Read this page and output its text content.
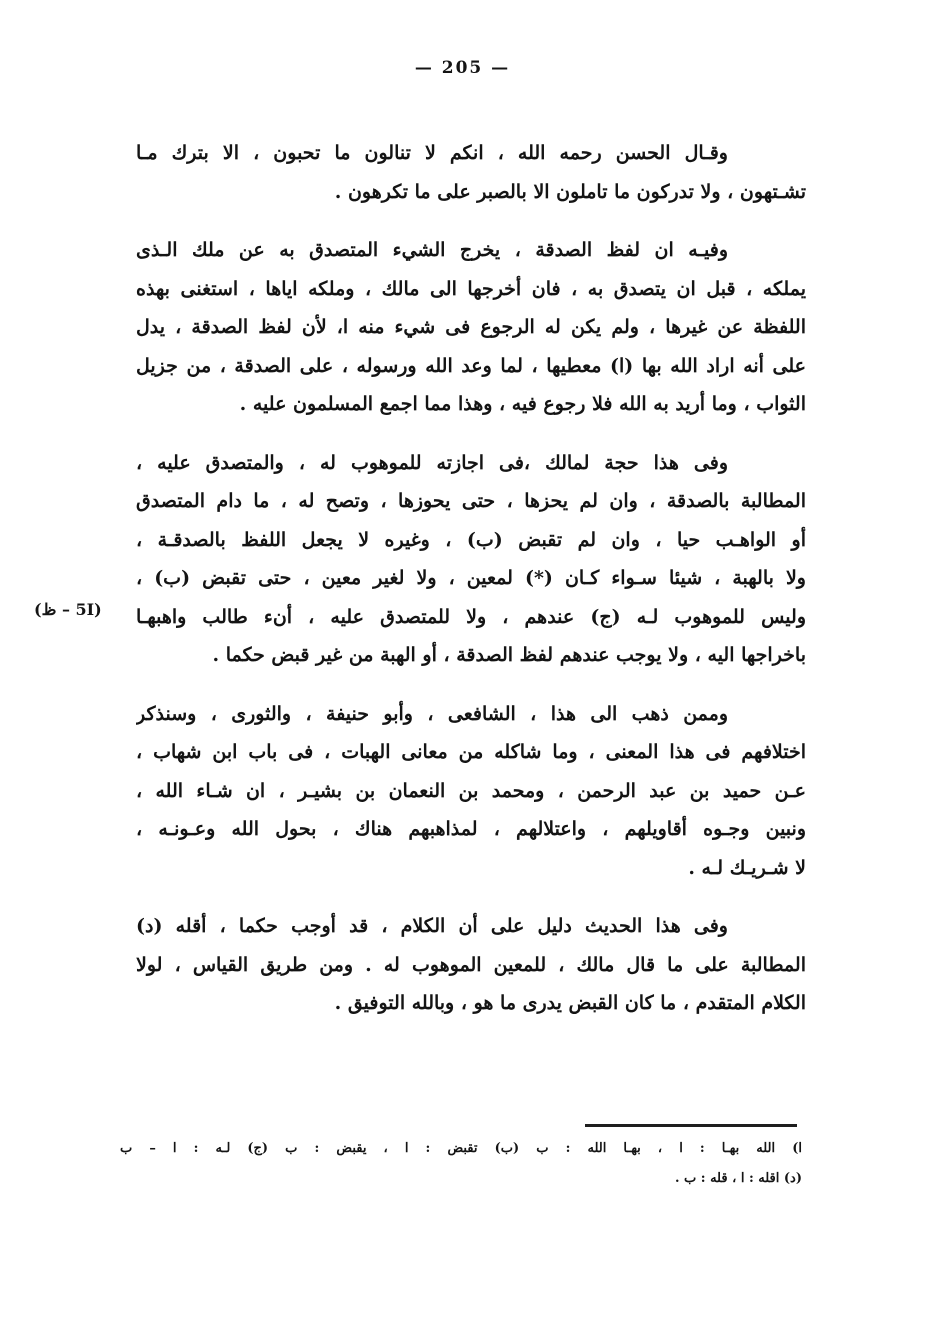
— 205 —
وقـال الحسن رحمه الله ، انكم لا تنالون ما تحبون ، الا بترك مـا
تشـتهون ، ولا تدركون ما تاملون الا بالصبر على ما تكرهون .
وفيـه ان لفظ الصدقة ، يخرج الشيء المتصدق به عن ملك الـذى
يملكه ، قبل ان يتصدق به ، فان أخرجها الى مالك ، وملكه اياها ، استغنى بهذه
اللفظة عن غيرها ، ولم يكن له الرجوع فى شيء منه ا، لأن لفظ الصدقة ، يدل
على أنه اراد الله بها (ا) معطيها ، لما وعد الله ورسوله ، على الصدقة ، من جزيل
الثواب ، وما أريد به الله فلا رجوع فيه ، وهذا مما اجمع المسلمون عليه .
وفى هذا حجة لمالك ،فى اجازته للموهوب له ، والمتصدق عليه ،
المطالبة بالصدقة ، وان لم يحزها ، حتى يحوزها ، وتصح له ، ما دام المتصدق
أو الواهـب حيا ، وان لم تقبض (ب) ، وغيره لا يجعل اللفظ بالصدقـة ،
ولا بالهبة ، شيئا سـواء كـان (*) لمعين ، ولا لغير معين ، حتى تقبض (ب) ،
وليس للموهوب لـه (ج) عندهم ، ولا للمتصدق عليه ، أنء طالب واهبهـا
باخراجها اليه ، ولا يوجب عندهم لفظ الصدقة ، أو الهبة من غير قبض حكما .
وممن ذهب الى هذا ، الشافعى ، وأبو حنيفة ، والثورى ، وسنذكر
اختلافهم فى هذا المعنى ، وما شاكله من معانى الهبات ، فى باب ابن شهاب ،
عـن حميد بن عبد الرحمن ، ومحمد بن النعمان بن بشيـر ، ان شـاء الله ،
ونبين وجـوه أقاويلهم ، واعتلالهم ، لمذاهبهم هناك ، بحول الله وعـونـه ،
لا شـريـك لـه .
وفى هذا الحديث دليل على أن الكلام ، قد أوجب حكما ، أقله (د)
المطالبة على ما قال مالك ، للمعين الموهوب له . ومن طريق القياس ، لولا
الكلام المتقدم ، ما كان القبض يدرى ما هو ، وبالله التوفيق .
(5I – ظ)
ا) الله بهـا : ا ، بهـا الله : ب (ب) تقبض : ا ، يقبض : ب (ج) لـه : ا – ب
(د) اقله : ا ، قله : ب .
